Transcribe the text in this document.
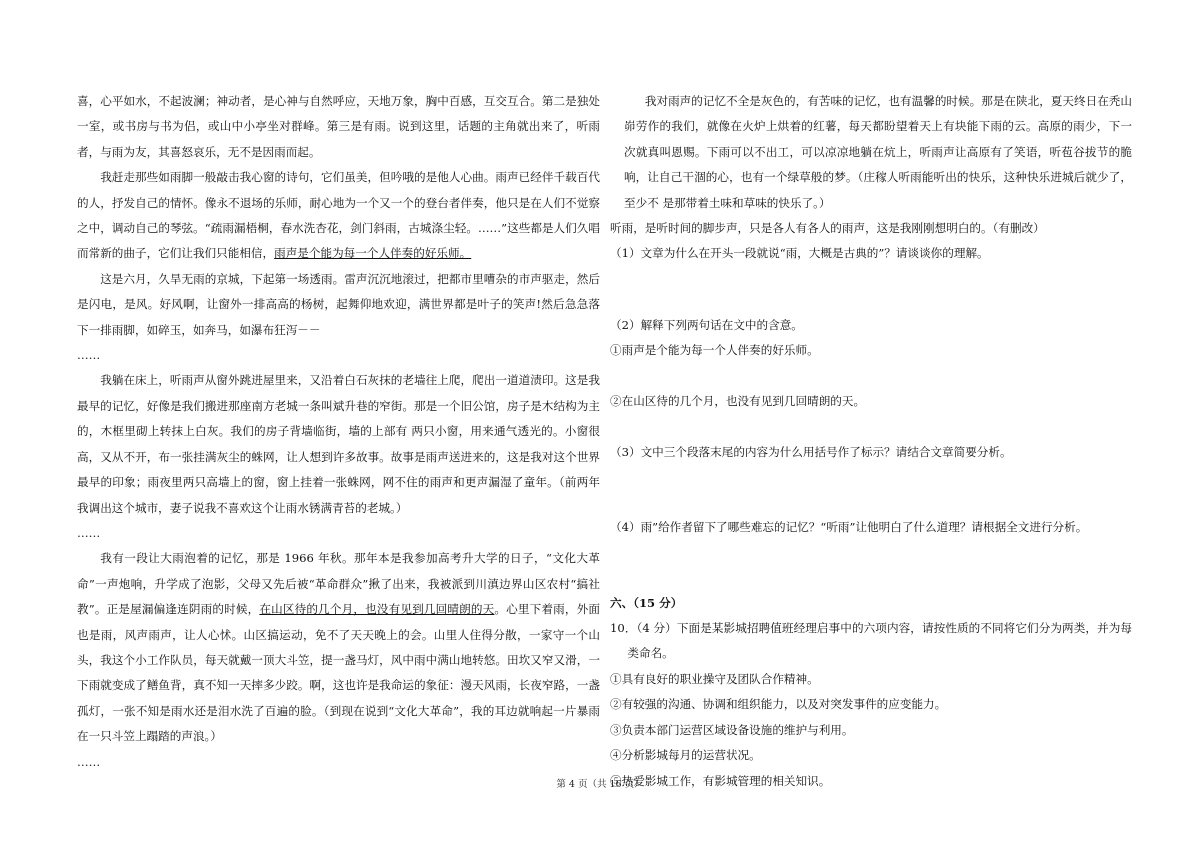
喜，心平如水，不起波澜；神动者，是心神与自然呼应，天地万象，胸中百感，互交互合。第二是独处一室，或书房与书为侣，或山中小亭坐对群峰。第三是有雨。说到这里，话题的主角就出来了，听雨者，与雨为友，其喜怒哀乐，无不是因雨而起。

我赶走那些如雨脚一般敲击我心窗的诗句，它们虽美，但吟哦的是他人心曲。雨声已经伴千载百代的人，抒发自己的情怀。像永不退场的乐师，耐心地为一个又一个的登台者伴奏，他只是在人们不觉察之中，调动自己的琴弦。“疏雨漏梧桐，春水洗杏花，剑门斜雨，古城涤尘轻。……”这些都是人们久唱而常新的曲子，它们让我们只能相信，雨声是个能为每一个人伴奏的好乐师。

这是六月，久旱无雨的京城，下起第一场透雨。雷声沉沉地滚过，把都市里嘈杂的市声驱走，然后是闪电，是风。好风啊，让窗外一排高高的杨树，起舞仰地欢迎，满世界都是叶子的笑声!然后急急落下一排雨脚，如碎玉，如奔马，如瀑布狂泻－－

……

我躺在床上，听雨声从窗外跳进屋里来，又沿着白石灰抹的老墙往上爬，爬出一道道渍印。这是我最早的记忆，好像是我们搬进那座南方老城一条叫斌升巷的窄街。那是一个旧公馆，房子是木结构为主的，木框里砌上转抹上白灰。我们的房子背墙临街，墙的上部有 两只小窗，用来通气透光的。小窗很高，又从不开，布一张挂满灰尘的蛛网，让人想到许多故事。故事是雨声送进来的，这是我对这个世界最早的印象；雨夜里两只高墙上的窗，窗上挂着一张蛛网，网不住的雨声和更声漏湿了童年。（前两年我调出这个城市，妻子说我不喜欢这个让雨水锈满青苔的老城。）

……

我有一段让大雨泡着的记忆，那是 1966 年秋。那年本是我参加高考升大学的日子，“文化大革命”一声炮响，升学成了泡影，父母又先后被“革命群众”揪了出来，我被派到川滇边界山区农村“搞社教”。正是屋漏偏逢连阴雨的时候，在山区待的几个月，也没有见到几回晴朗的天。心里下着雨，外面也是雨，风声雨声，让人心怵。山区搞运动，免不了天天晚上的会。山里人住得分散，一家守一个山头，我这个小工作队员，每天就戴一顶大斗笠，提一盏马灯，风中雨中满山地转悠。田坎又窄又滑，一下雨就变成了鳝鱼背，真不知一天摔多少跤。啊，这也许是我命运的象征：漫天风雨，长夜窄路，一盏孤灯，一张不知是雨水还是泪水洗了百遍的脸。（到现在说到“文化大革命”，我的耳边就响起一片暴雨在一只斗笠上蹋踏的声浪。）

……

我对雨声的记忆不全是灰色的，有苦味的记忆，也有温馨的时候。那是在陕北，夏天终日在秃山峁劳作的我们，就像在火炉上烘着的红薯，每天都盼望着天上有块能下雨的云。高原的雨少，下一次就真叫恩赐。下雨可以不出工，可以凉凉地躺在炕上，听雨声让高原有了笑语，听苞谷拔节的脆响，让自己干涸的心，也有一个绿草般的梦。（庄稼人听雨能听出的快乐，这种快乐进城后就少了，至少不 是那带着土味和草味的快乐了。）

听雨，是听时间的脚步声，只是各人有各人的雨声，这是我刚刚想明白的。（有删改）

（1）文章为什么在开头一段就说“雨，大概是古典的”？请谈谈你的理解。

（2）解释下列两句话在文中的含意。

①雨声是个能为每一个人伴奏的好乐师。

②在山区待的几个月，也没有见到几回晴朗的天。

（3）文中三个段落末尾的内容为什么用括号作了标示？请结合文章简要分析。

（4）雨”给作者留下了哪些难忘的记忆？“听雨”让他明白了什么道理？请根据全文进行分析。

六、（15 分）

10．（4 分）下面是某影城招聘值班经理启事中的六项内容，请按性质的不同将它们分为两类，并为每类命名。

①具有良好的职业操守及团队合作精神。

②有较强的沟通、协调和组织能力，以及对突发事件的应变能力。

③负责本部门运营区域设备设施的维护与利用。

④分析影城每月的运营状况。

⑤热爱影城工作，有影城管理的相关知识。

第 4 页（共 16 页）
